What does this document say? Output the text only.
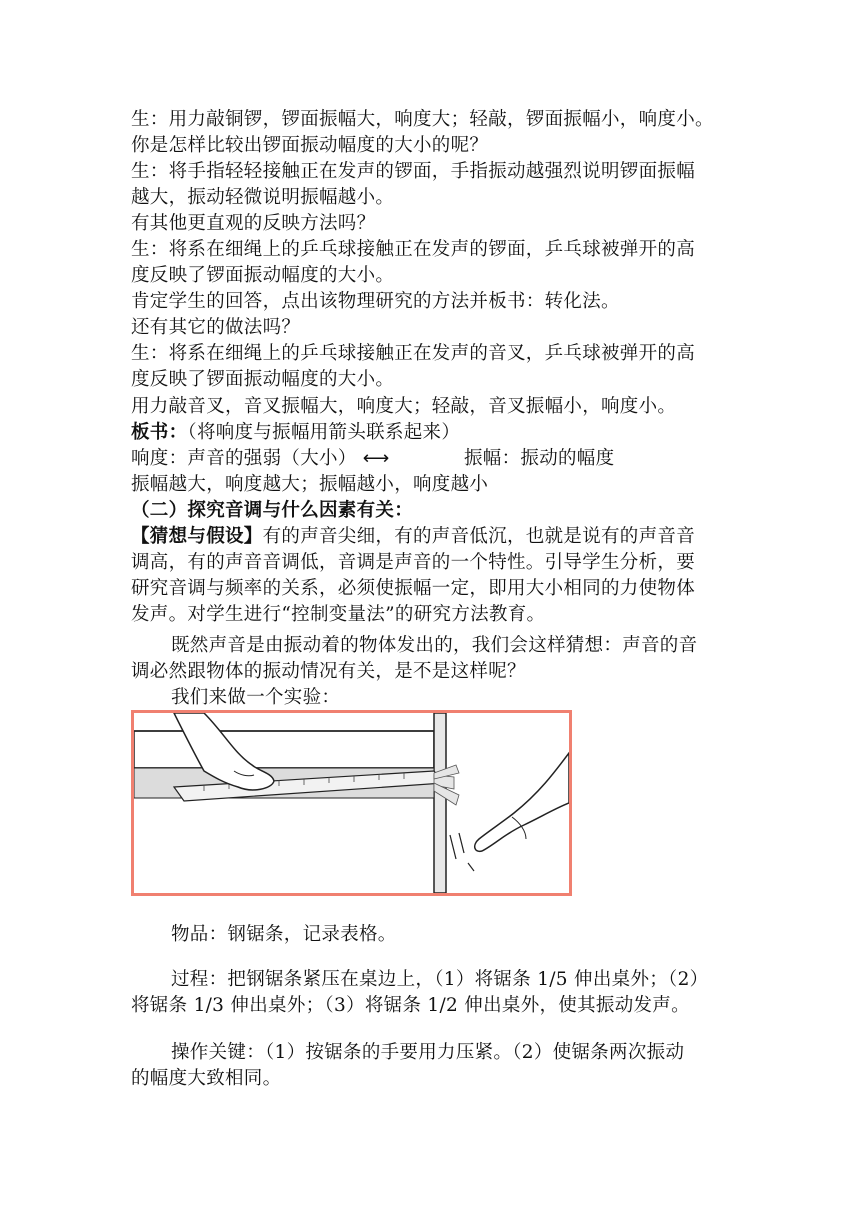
生：用力敲铜锣，锣面振幅大，响度大；轻敲，锣面振幅小，响度小。
你是怎样比较出锣面振动幅度的大小的呢？
生：将手指轻轻接触正在发声的锣面，手指振动越强烈说明锣面振幅
越大，振动轻微说明振幅越小。
有其他更直观的反映方法吗？
生：将系在细绳上的乒乓球接触正在发声的锣面，乒乓球被弹开的高
度反映了锣面振动幅度的大小。
肯定学生的回答，点出该物理研究的方法并板书：转化法。
还有其它的做法吗？
生：将系在细绳上的乒乓球接触正在发声的音叉，乒乓球被弹开的高
度反映了锣面振动幅度的大小。
用力敲音叉，音叉振幅大，响度大；轻敲，音叉振幅小，响度小。
板书：（将响度与振幅用箭头联系起来）
响度：声音的强弱（大小） ⟷	振幅：振动的幅度
振幅越大，响度越大；振幅越小，响度越小
（二）探究音调与什么因素有关：
【猜想与假设】有的声音尖细，有的声音低沉，也就是说有的声音音
调高，有的声音音调低，音调是声音的一个特性。引导学生分析，要
研究音调与频率的关系，必须使振幅一定，即用大小相同的力使物体
发声。对学生进行“控制变量法”的研究方法教育。
既然声音是由振动着的物体发出的，我们会这样猜想：声音的音
调必然跟物体的振动情况有关，是不是这样呢？
我们来做一个实验：
物品：钢锯条，记录表格。
过程：把钢锯条紧压在桌边上，（1）将锯条 1/5 伸出桌外；（2）
将锯条 1/3 伸出桌外；（3）将锯条 1/2 伸出桌外，使其振动发声。
操作关键：（1）按锯条的手要用力压紧。（2）使锯条两次振动
的幅度大致相同。
